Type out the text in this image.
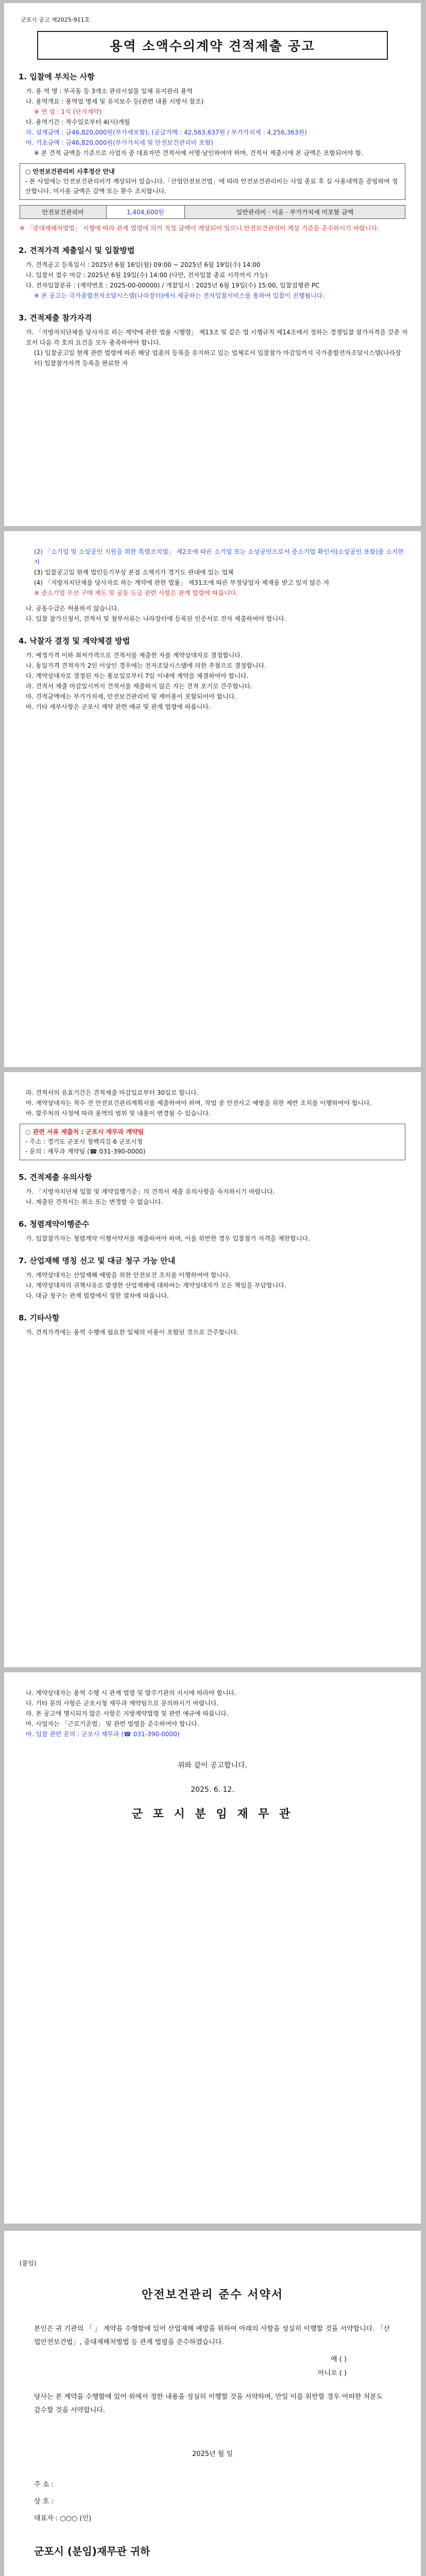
군포시 공고 제2025-911호
용역 소액수의계약 견적제출 공고
1. 입찰에 부치는 사항
가. 용 역 명 : 부곡동 등 3개소 관리시설물 일체 유지관리 용역
나. 용역개요 : 용역업 명세 및 유지보수 등(관련 내용 시방서 참조)
※ 연 설 : 1식 (단가계약)
다. 용역기간 : 착수일로부터 4(사)개월
라. 설계금액 : 금46,820,000원(부가세포함), (공급가액 : 42,563,637원 / 부가가치세 : 4,256,363원)
마. 기초금액 : 금46,820,000원(부가가치세 및 안전보건관리비 포함)
※ 본 견적 금액을 기준으로 사업자 중 대표자만 견적서에 서명·날인하여야 하며, 견적서 제출시에 본 금액은 포함되어야 함.
○ 안전보건관리비 사후정산 안내
- 본 사업에는 안전보건관리비가 계상되어 있습니다.「산업안전보건법」에 따라 안전보건관리비는 사업 종료 후 실 사용내역을 증빙하여 정산합니다. 미사용 금액은 감액 또는 환수 조치합니다.
안전보건관리비	1,404,600원	일반관리비 · 이윤 · 부가가치세 미포함 금액
※ 「중대재해처벌법」 시행에 따라 관계 법령에 의거 적정 금액이 계상되어 있으니 안전보건관리비 계상 기준을 준수하시기 바랍니다.
2. 견적가격 제출일시 및 입찰방법
가. 견적공고 등록일시 : 2025년 6월 16일(월) 09:00 ~ 2025년 6월 19일(수) 14:00
나. 입찰서 접수 마감 : 2025년 6월 19일(수) 14:00 (다만, 전자입찰 종료 시각까지 가능)
다. 전자입찰분류 : (계약번호 : 2025-00-00000) / 개찰일시 : 2025년 6월 19일(수) 15:00, 입찰집행관 PC
※ 본 공고는 국가종합전자조달시스템(나라장터)에서 제공하는 전자입찰서비스를 통하여 입찰이 진행됩니다.
3. 견적제출 참가자격
가. 「지방자치단체를 당사자로 하는 계약에 관한 법률 시행령」 제13조 및 같은 법 시행규칙 제14조에서 정하는 경쟁입찰 참가자격을 갖춘 자로서 다음 각 호의 요건을 모두 충족하여야 합니다.
(1) 입찰공고일 현재 관련 법령에 따른 해당 업종의 등록을 유지하고 있는 업체로서 입찰참가 마감일까지 국가종합전자조달시스템(나라장터) 입찰참가자격 등록을 완료한 자
(2) 「소기업 및 소상공인 지원을 위한 특별조치법」 제2조에 따른 소기업 또는 소상공인으로서 중소기업 확인서(소상공인 포함)를 소지한 자
(3) 입찰공고일 현재 법인등기부상 본점 소재지가 경기도 관내에 있는 업체
(4) 「지방자치단체를 당사자로 하는 계약에 관한 법률」 제31조에 따른 부정당업자 제재를 받고 있지 않은 자
※ 중소기업 우선 구매 제도 및 공동 도급 관련 사항은 관계 법령에 따릅니다.
나. 공동수급은 허용하지 않습니다.
다. 입찰 참가신청서, 견적서 및 첨부서류는 나라장터에 등록된 인증서로 전자 제출하여야 합니다.
4. 낙찰자 결정 및 계약체결 방법
가. 예정가격 이하 최저가격으로 견적서를 제출한 자를 계약상대자로 결정합니다.
나. 동일가격 견적자가 2인 이상인 경우에는 전자조달시스템에 의한 추첨으로 결정합니다.
다. 계약상대자로 결정된 자는 통보일로부터 7일 이내에 계약을 체결하여야 합니다.
라. 견적서 제출 마감일시까지 견적서를 제출하지 않은 자는 견적 포기로 간주합니다.
마. 견적금액에는 부가가치세, 안전보건관리비 및 제비용이 포함되어야 합니다.
바. 기타 세부사항은 군포시 계약 관련 예규 및 관계 법령에 따릅니다.
라. 견적서의 유효기간은 견적제출 마감일로부터 30일로 합니다.
마. 계약상대자는 착수 전 안전보건관리계획서를 제출하여야 하며, 작업 중 안전사고 예방을 위한 제반 조치를 이행하여야 합니다.
바. 발주처의 사정에 따라 용역의 범위 및 내용이 변경될 수 있습니다.
○ 관련 서류 제출처 : 군포시 재무과 계약팀
- 주소 : 경기도 군포시 청백리길 6 군포시청
- 문의 : 재무과 계약팀 (☎ 031-390-0000)
5. 견적제출 유의사항
가. 「지방자치단체 입찰 및 계약집행기준」의 견적서 제출 유의사항을 숙지하시기 바랍니다.
나. 제출된 견적서는 취소 또는 변경할 수 없습니다.
6. 청렴계약이행준수
가. 입찰참가자는 청렴계약 이행서약서를 제출하여야 하며, 이를 위반한 경우 입찰참가 자격을 제한합니다.
7. 산업재해 명칭 선고 및 대금 청구 가능 안내
가. 계약상대자는 산업재해 예방을 위한 안전보건 조치를 이행하여야 합니다.
나. 계약상대자의 귀책사유로 발생한 산업재해에 대하여는 계약상대자가 모든 책임을 부담합니다.
다. 대금 청구는 관계 법령에서 정한 절차에 따릅니다.
8. 기타사항
가. 견적가격에는 용역 수행에 필요한 일체의 비용이 포함된 것으로 간주합니다.
나. 계약상대자는 용역 수행 시 관계 법령 및 발주기관의 지시에 따라야 합니다.
다. 기타 문의 사항은 군포시청 재무과 계약팀으로 문의하시기 바랍니다.
라. 본 공고에 명시되지 않은 사항은 지방계약법령 및 관련 예규에 따릅니다.
마. 사업자는 「근로기준법」 및 관련 법령을 준수하여야 합니다.
바. 입찰 관련 문의 : 군포시 재무과 (☎ 031-390-0000)
위와 같이 공고합니다.
2025. 6. 12.
군 포 시 분 임 재 무 관
(붙임)
안전보건관리 준수 서약서
본인은 귀 기관의 「 」 계약을 수행함에 있어 산업재해 예방을 위하여 아래의 사항을 성실히 이행할 것을 서약합니다. 「산업안전보건법」, 중대재해처벌법 등 관계 법령을 준수하겠습니다.
예 ( )
아니오 ( )
당사는 본 계약을 수행함에 있어 위에서 정한 내용을 성실히 이행할 것을 서약하며, 만일 이를 위반할 경우 어떠한 처분도 감수할 것을 서약합니다.
2025년 월 일
주 소 :
상 호 :
대표자 : ○○○ (인)
군포시 (분임)재무관 귀하
